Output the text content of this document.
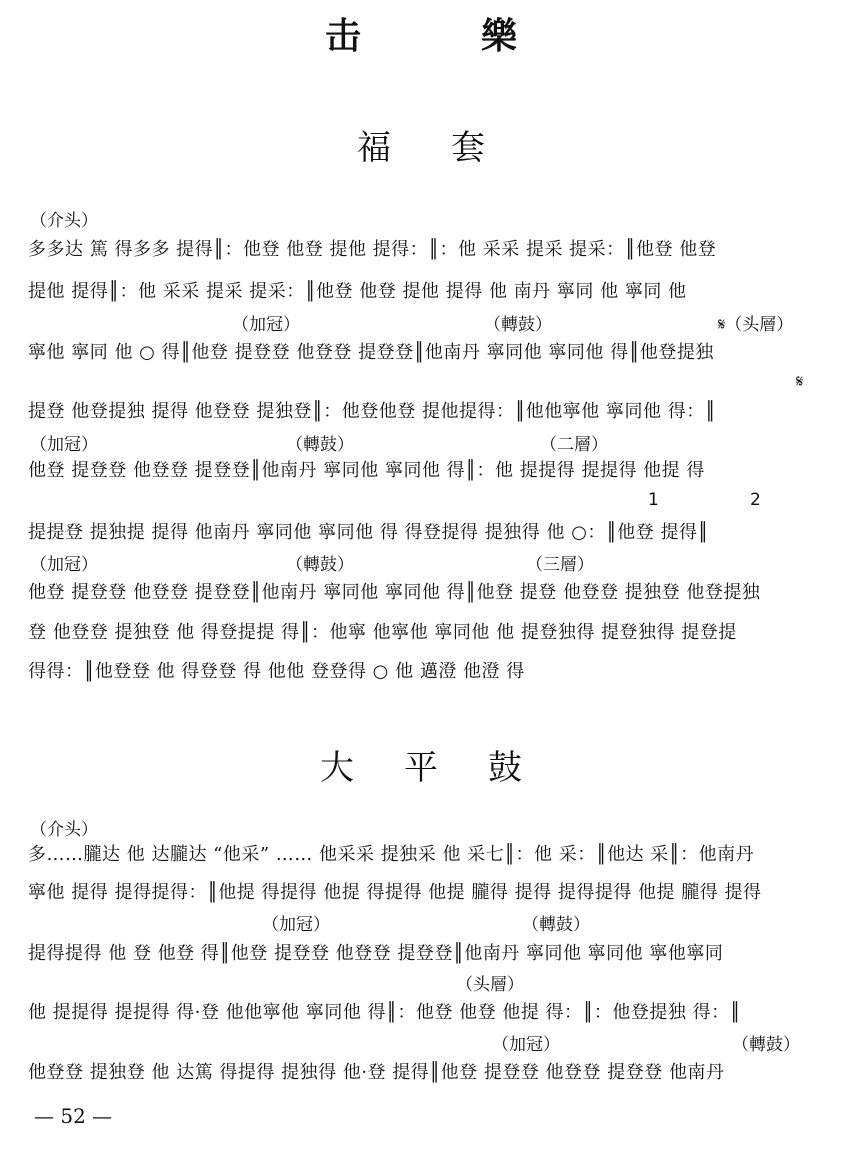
击樂
福套
（介头）
多多达 篤 得多多 提得║：他登 他登 提他 提得：║：他 采采 提采 提采：║他登 他登
提他 提得║：他 采采 提采 提采：║他登 他登 提他 提得 他 南丹 寧同 他 寧同 他
（加冠）	（轉鼓）	𝄋（头層）
寧他 寧同 他 ○ 得║他登 提登登 他登登 提登登║他南丹 寧同他 寧同他 得║他登提独
𝄋
提登 他登提独 提得 他登登 提独登║：他登他登 提他提得：║他他寧他 寧同他 得：║
（加冠）	（轉鼓）	（二層）
他登 提登登 他登登 提登登║他南丹 寧同他 寧同他 得║：他 提提得 提提得 他提 得
1	2
提提登 提独提 提得 他南丹 寧同他 寧同他 得 得登提得 提独得 他 ○：║他登 提得║
（加冠）	（轉鼓）	（三層）
他登 提登登 他登登 提登登║他南丹 寧同他 寧同他 得║他登 提登 他登登 提独登 他登提独
登 他登登 提独登 他 得登提提 得║：他寧 他寧他 寧同他 他 提登独得 提登独得 提登提
得得：║他登登 他 得登登 得 他他 登登得 ○ 他 邁澄 他澄 得
大平鼓
（介头）
多……朧达 他 达朧达 “他采” …… 他采采 提独采 他 采七║：他 采：║他达 采║：他南丹
寧他 提得 提得提得：║他提 得提得 他提 得提得 他提 朧得 提得 提得提得 他提 朧得 提得
（加冠）	（轉鼓）
提得提得 他 登 他登 得║他登 提登登 他登登 提登登║他南丹 寧同他 寧同他 寧他寧同
（头層）
他 提提得 提提得 得·登 他他寧他 寧同他 得║：他登 他登 他提 得：║：他登提独 得：║
（加冠）	（轉鼓）
他登登 提独登 他 达篤 得提得 提独得 他·登 提得║他登 提登登 他登登 提登登 他南丹
— 52 —
